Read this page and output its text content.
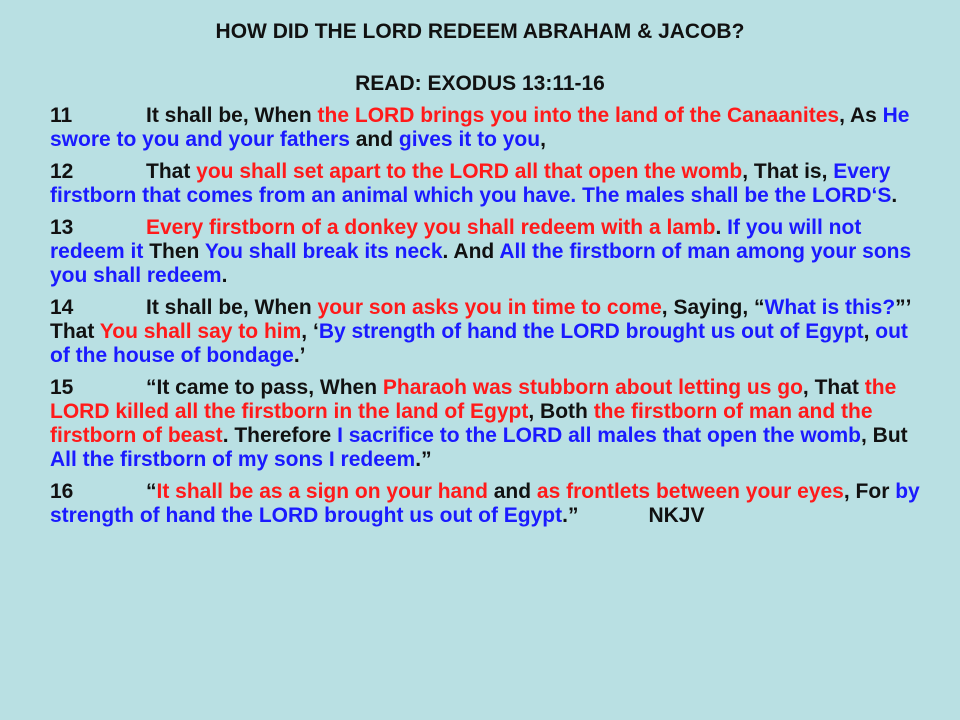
HOW DID THE LORD REDEEM ABRAHAM & JACOB?
READ: EXODUS 13:11-16

11	It shall be, When the LORD brings you into the land of the Canaanites, As He swore to you and your fathers and gives it to you,

12	That you shall set apart to the LORD all that open the womb, That is, Every firstborn that comes from an animal which you have. The males shall be the LORD‘S.

13	Every firstborn of a donkey you shall redeem with a lamb. If you will not redeem it Then You shall break its neck. And All the firstborn of man among your sons you shall redeem.

14	It shall be, When your son asks you in time to come, Saying, “What is this?”’ That You shall say to him, ‘By strength of hand the LORD brought us out of Egypt, out of the house of bondage.’

15	“It came to pass, When Pharaoh was stubborn about letting us go, That the LORD killed all the firstborn in the land of Egypt, Both the firstborn of man and the firstborn of beast. Therefore I sacrifice to the LORD all males that open the womb, But All the firstborn of my sons I redeem.”

16	“It shall be as a sign on your hand and as frontlets between your eyes, For by strength of hand the LORD brought us out of Egypt.”	NKJV
